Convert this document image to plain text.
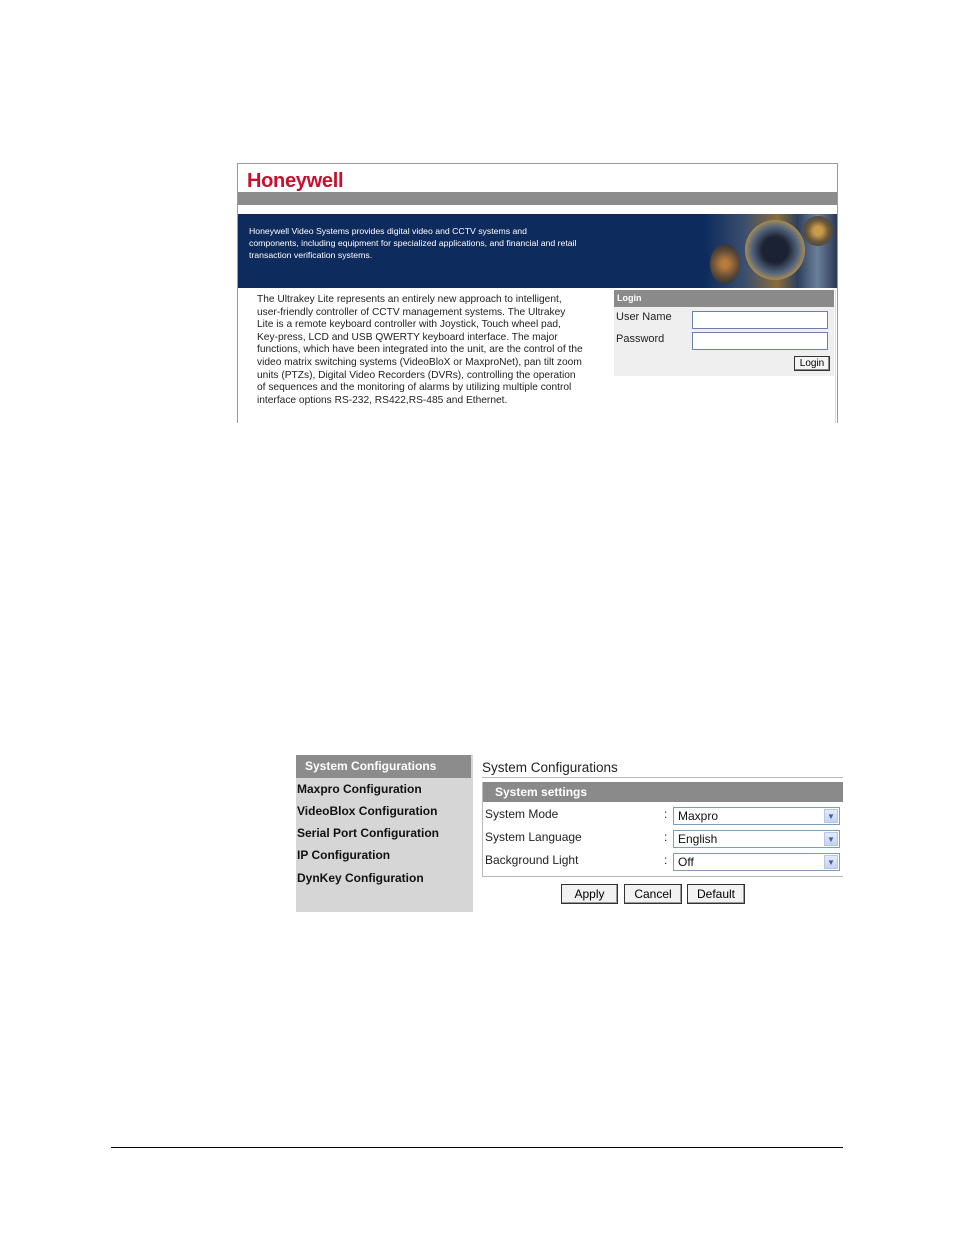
Honeywell
Honeywell Video Systems provides digital video and CCTV systems and components, including equipment for specialized applications, and financial and retail transaction verification systems.
The Ultrakey Lite represents an entirely new approach to intelligent, user-friendly controller of CCTV management systems. The Ultrakey Lite is a remote keyboard controller with Joystick, Touch wheel pad, Key-press, LCD and USB QWERTY keyboard interface. The major functions, which have been integrated into the unit, are the control of the video matrix switching systems (VideoBloX or MaxproNet), pan tilt zoom units (PTZs), Digital Video Recorders (DVRs), controlling the operation of sequences and the monitoring of alarms by utilizing multiple control interface options RS-232, RS422,RS-485 and Ethernet.
Login
User Name
Password
Login
System Configurations
Maxpro Configuration
VideoBlox Configuration
Serial Port Configuration
IP Configuration
DynKey Configuration
System Configurations
System settings
System Mode	: Maxpro	▼
System Language	: English	▼
Background Light	: Off	▼
Apply	Cancel	Default
